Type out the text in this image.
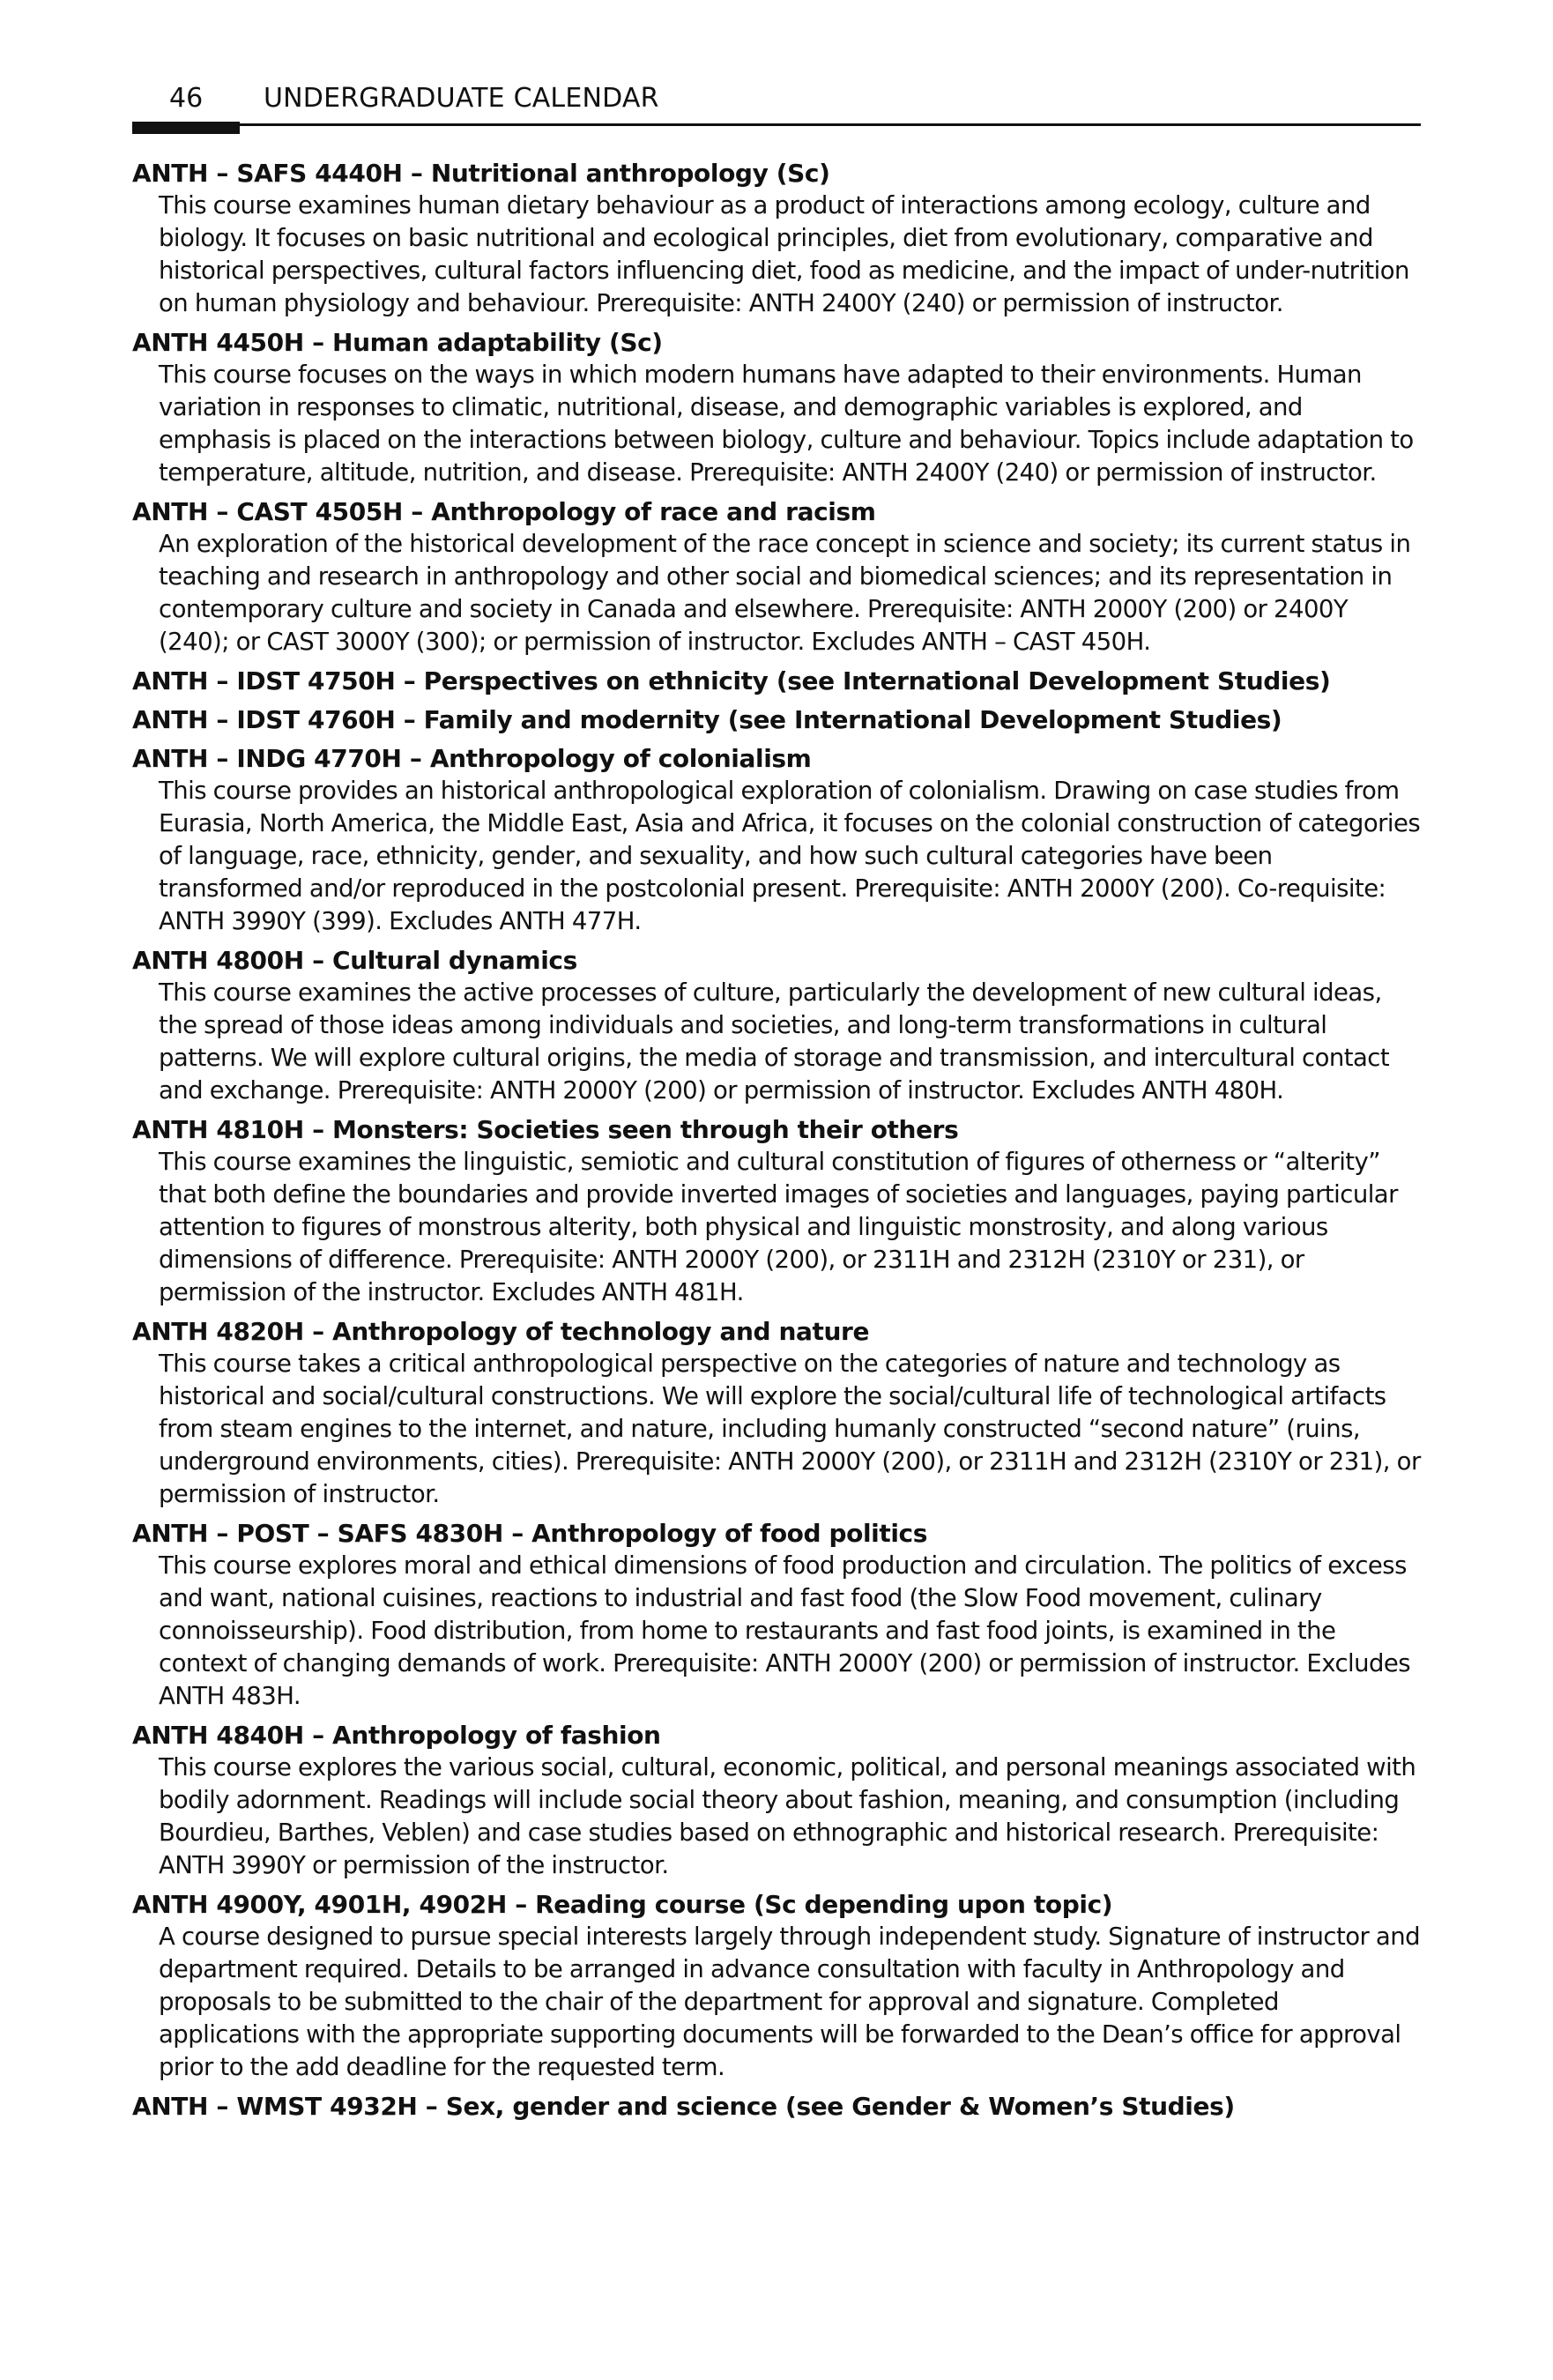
46 UNDERGRADUATE CALENDAR
ANTH – SAFS 4440H – Nutritional anthropology (Sc)
This course examines human dietary behaviour as a product of interactions among ecology, culture and biology. It focuses on basic nutritional and ecological principles, diet from evolutionary, comparative and historical perspectives, cultural factors influencing diet, food as medicine, and the impact of under-nutrition on human physiology and behaviour. Prerequisite: ANTH 2400Y (240) or permission of instructor.
ANTH 4450H – Human adaptability (Sc)
This course focuses on the ways in which modern humans have adapted to their environments. Human variation in responses to climatic, nutritional, disease, and demographic variables is explored, and emphasis is placed on the interactions between biology, culture and behaviour. Topics include adaptation to temperature, altitude, nutrition, and disease. Prerequisite: ANTH 2400Y (240) or permission of instructor.
ANTH – CAST 4505H – Anthropology of race and racism
An exploration of the historical development of the race concept in science and society; its current status in teaching and research in anthropology and other social and biomedical sciences; and its representation in contemporary culture and society in Canada and elsewhere. Prerequisite: ANTH 2000Y (200) or 2400Y (240); or CAST 3000Y (300); or permission of instructor. Excludes ANTH – CAST 450H.
ANTH – IDST 4750H – Perspectives on ethnicity (see International Development Studies)
ANTH – IDST 4760H – Family and modernity (see International Development Studies)
ANTH – INDG 4770H – Anthropology of colonialism
This course provides an historical anthropological exploration of colonialism. Drawing on case studies from Eurasia, North America, the Middle East, Asia and Africa, it focuses on the colonial construction of categories of language, race, ethnicity, gender, and sexuality, and how such cultural categories have been transformed and/or reproduced in the postcolonial present. Prerequisite: ANTH 2000Y (200). Co-requisite: ANTH 3990Y (399). Excludes ANTH 477H.
ANTH 4800H – Cultural dynamics
This course examines the active processes of culture, particularly the development of new cultural ideas, the spread of those ideas among individuals and societies, and long-term transformations in cultural patterns. We will explore cultural origins, the media of storage and transmission, and intercultural contact and exchange. Prerequisite: ANTH 2000Y (200) or permission of instructor. Excludes ANTH 480H.
ANTH 4810H – Monsters: Societies seen through their others
This course examines the linguistic, semiotic and cultural constitution of figures of otherness or “alterity” that both define the boundaries and provide inverted images of societies and languages, paying particular attention to figures of monstrous alterity, both physical and linguistic monstrosity, and along various dimensions of difference. Prerequisite: ANTH 2000Y (200), or 2311H and 2312H (2310Y or 231), or permission of the instructor. Excludes ANTH 481H.
ANTH 4820H – Anthropology of technology and nature
This course takes a critical anthropological perspective on the categories of nature and technology as historical and social/cultural constructions. We will explore the social/cultural life of technological artifacts from steam engines to the internet, and nature, including humanly constructed “second nature” (ruins, underground environments, cities). Prerequisite: ANTH 2000Y (200), or 2311H and 2312H (2310Y or 231), or permission of instructor.
ANTH – POST – SAFS 4830H – Anthropology of food politics
This course explores moral and ethical dimensions of food production and circulation. The politics of excess and want, national cuisines, reactions to industrial and fast food (the Slow Food movement, culinary connoisseurship). Food distribution, from home to restaurants and fast food joints, is examined in the context of changing demands of work. Prerequisite: ANTH 2000Y (200) or permission of instructor. Excludes ANTH 483H.
ANTH 4840H – Anthropology of fashion
This course explores the various social, cultural, economic, political, and personal meanings associated with bodily adornment. Readings will include social theory about fashion, meaning, and consumption (including Bourdieu, Barthes, Veblen) and case studies based on ethnographic and historical research. Prerequisite: ANTH 3990Y or permission of the instructor.
ANTH 4900Y, 4901H, 4902H – Reading course (Sc depending upon topic)
A course designed to pursue special interests largely through independent study. Signature of instructor and department required. Details to be arranged in advance consultation with faculty in Anthropology and proposals to be submitted to the chair of the department for approval and signature. Completed applications with the appropriate supporting documents will be forwarded to the Dean’s office for approval prior to the add deadline for the requested term.
ANTH – WMST 4932H – Sex, gender and science (see Gender & Women’s Studies)
